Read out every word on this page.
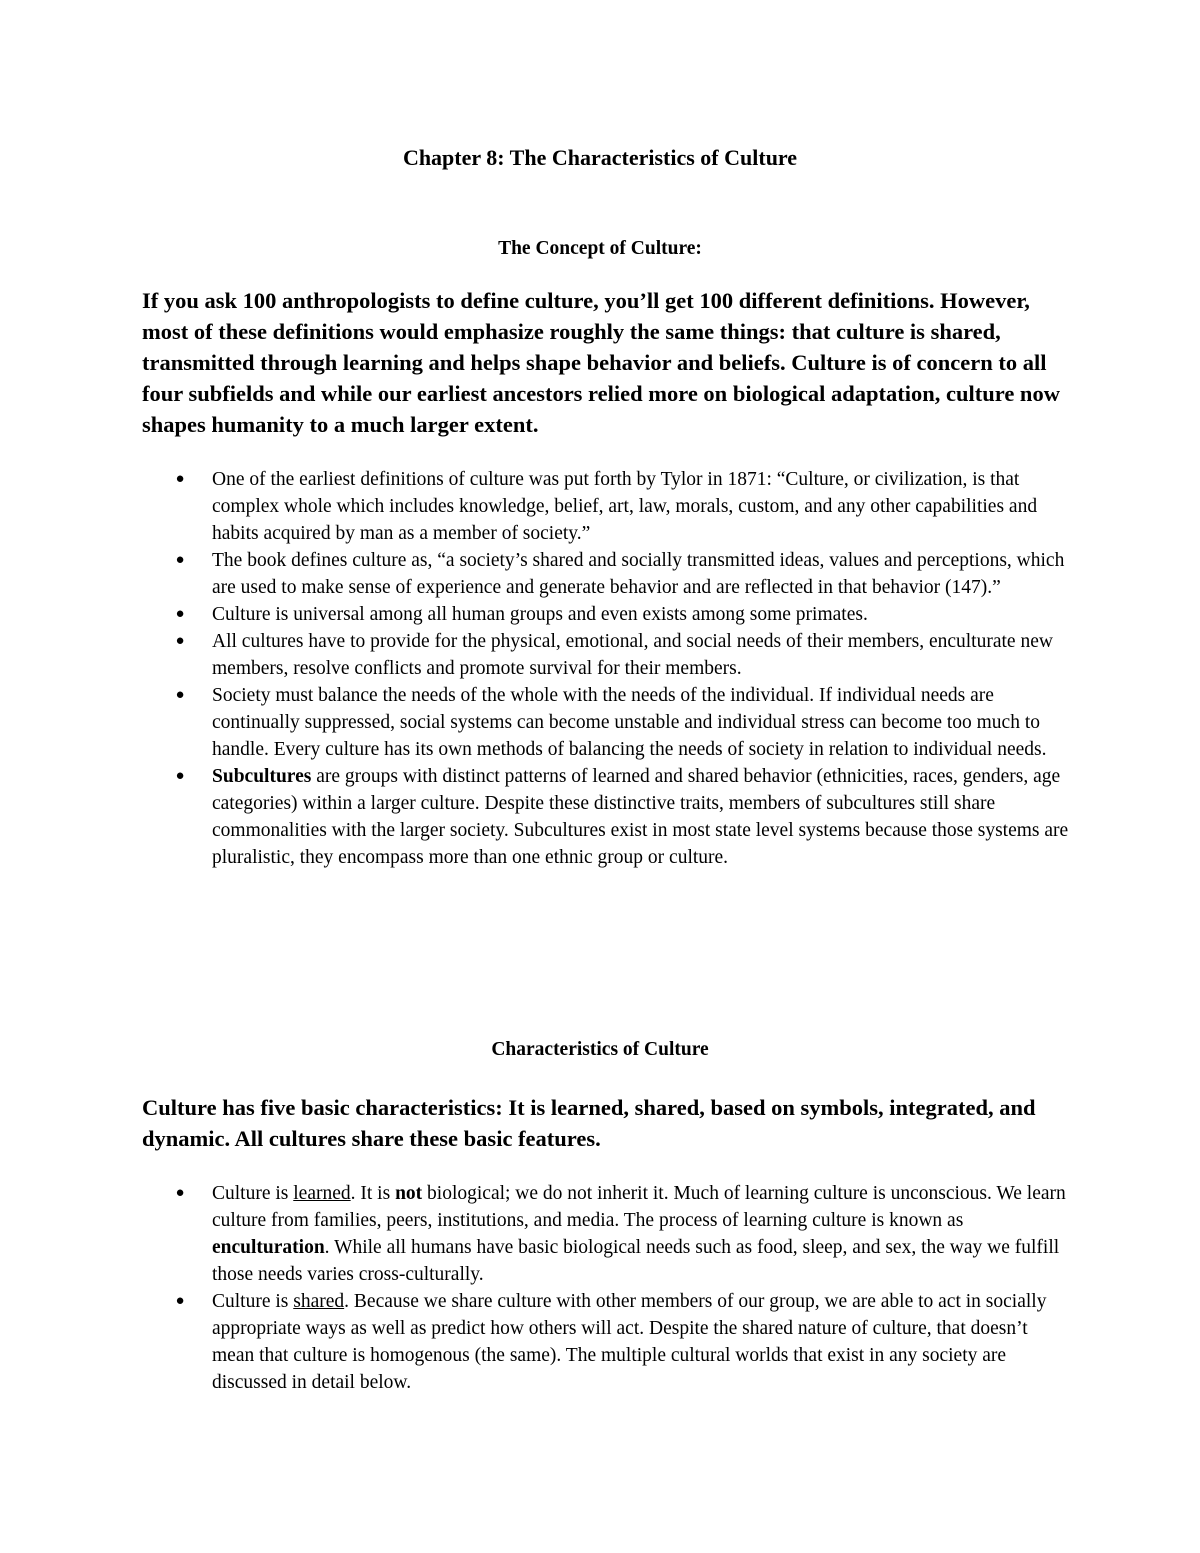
Chapter 8: The Characteristics of Culture
The Concept of Culture:

If you ask 100 anthropologists to define culture, you’ll get 100 different definitions. However, most of these definitions would emphasize roughly the same things: that culture is shared, transmitted through learning and helps shape behavior and beliefs. Culture is of concern to all four subfields and while our earliest ancestors relied more on biological adaptation, culture now shapes humanity to a much larger extent.

● One of the earliest definitions of culture was put forth by Tylor in 1871: “Culture, or civilization, is that complex whole which includes knowledge, belief, art, law, morals, custom, and any other capabilities and habits acquired by man as a member of society.”
● The book defines culture as, “a society’s shared and socially transmitted ideas, values and perceptions, which are used to make sense of experience and generate behavior and are reflected in that behavior (147).”
● Culture is universal among all human groups and even exists among some primates.
● All cultures have to provide for the physical, emotional, and social needs of their members, enculturate new members, resolve conflicts and promote survival for their members.
● Society must balance the needs of the whole with the needs of the individual. If individual needs are continually suppressed, social systems can become unstable and individual stress can become too much to handle. Every culture has its own methods of balancing the needs of society in relation to individual needs.
● Subcultures are groups with distinct patterns of learned and shared behavior (ethnicities, races, genders, age categories) within a larger culture. Despite these distinctive traits, members of subcultures still share commonalities with the larger society. Subcultures exist in most state level systems because those systems are pluralistic, they encompass more than one ethnic group or culture.
Characteristics of Culture

Culture has five basic characteristics: It is learned, shared, based on symbols, integrated, and dynamic. All cultures share these basic features.

● Culture is learned. It is not biological; we do not inherit it. Much of learning culture is unconscious. We learn culture from families, peers, institutions, and media. The process of learning culture is known as enculturation. While all humans have basic biological needs such as food, sleep, and sex, the way we fulfill those needs varies cross-culturally.
● Culture is shared. Because we share culture with other members of our group, we are able to act in socially appropriate ways as well as predict how others will act. Despite the shared nature of culture, that doesn’t mean that culture is homogenous (the same). The multiple cultural worlds that exist in any society are discussed in detail below.
